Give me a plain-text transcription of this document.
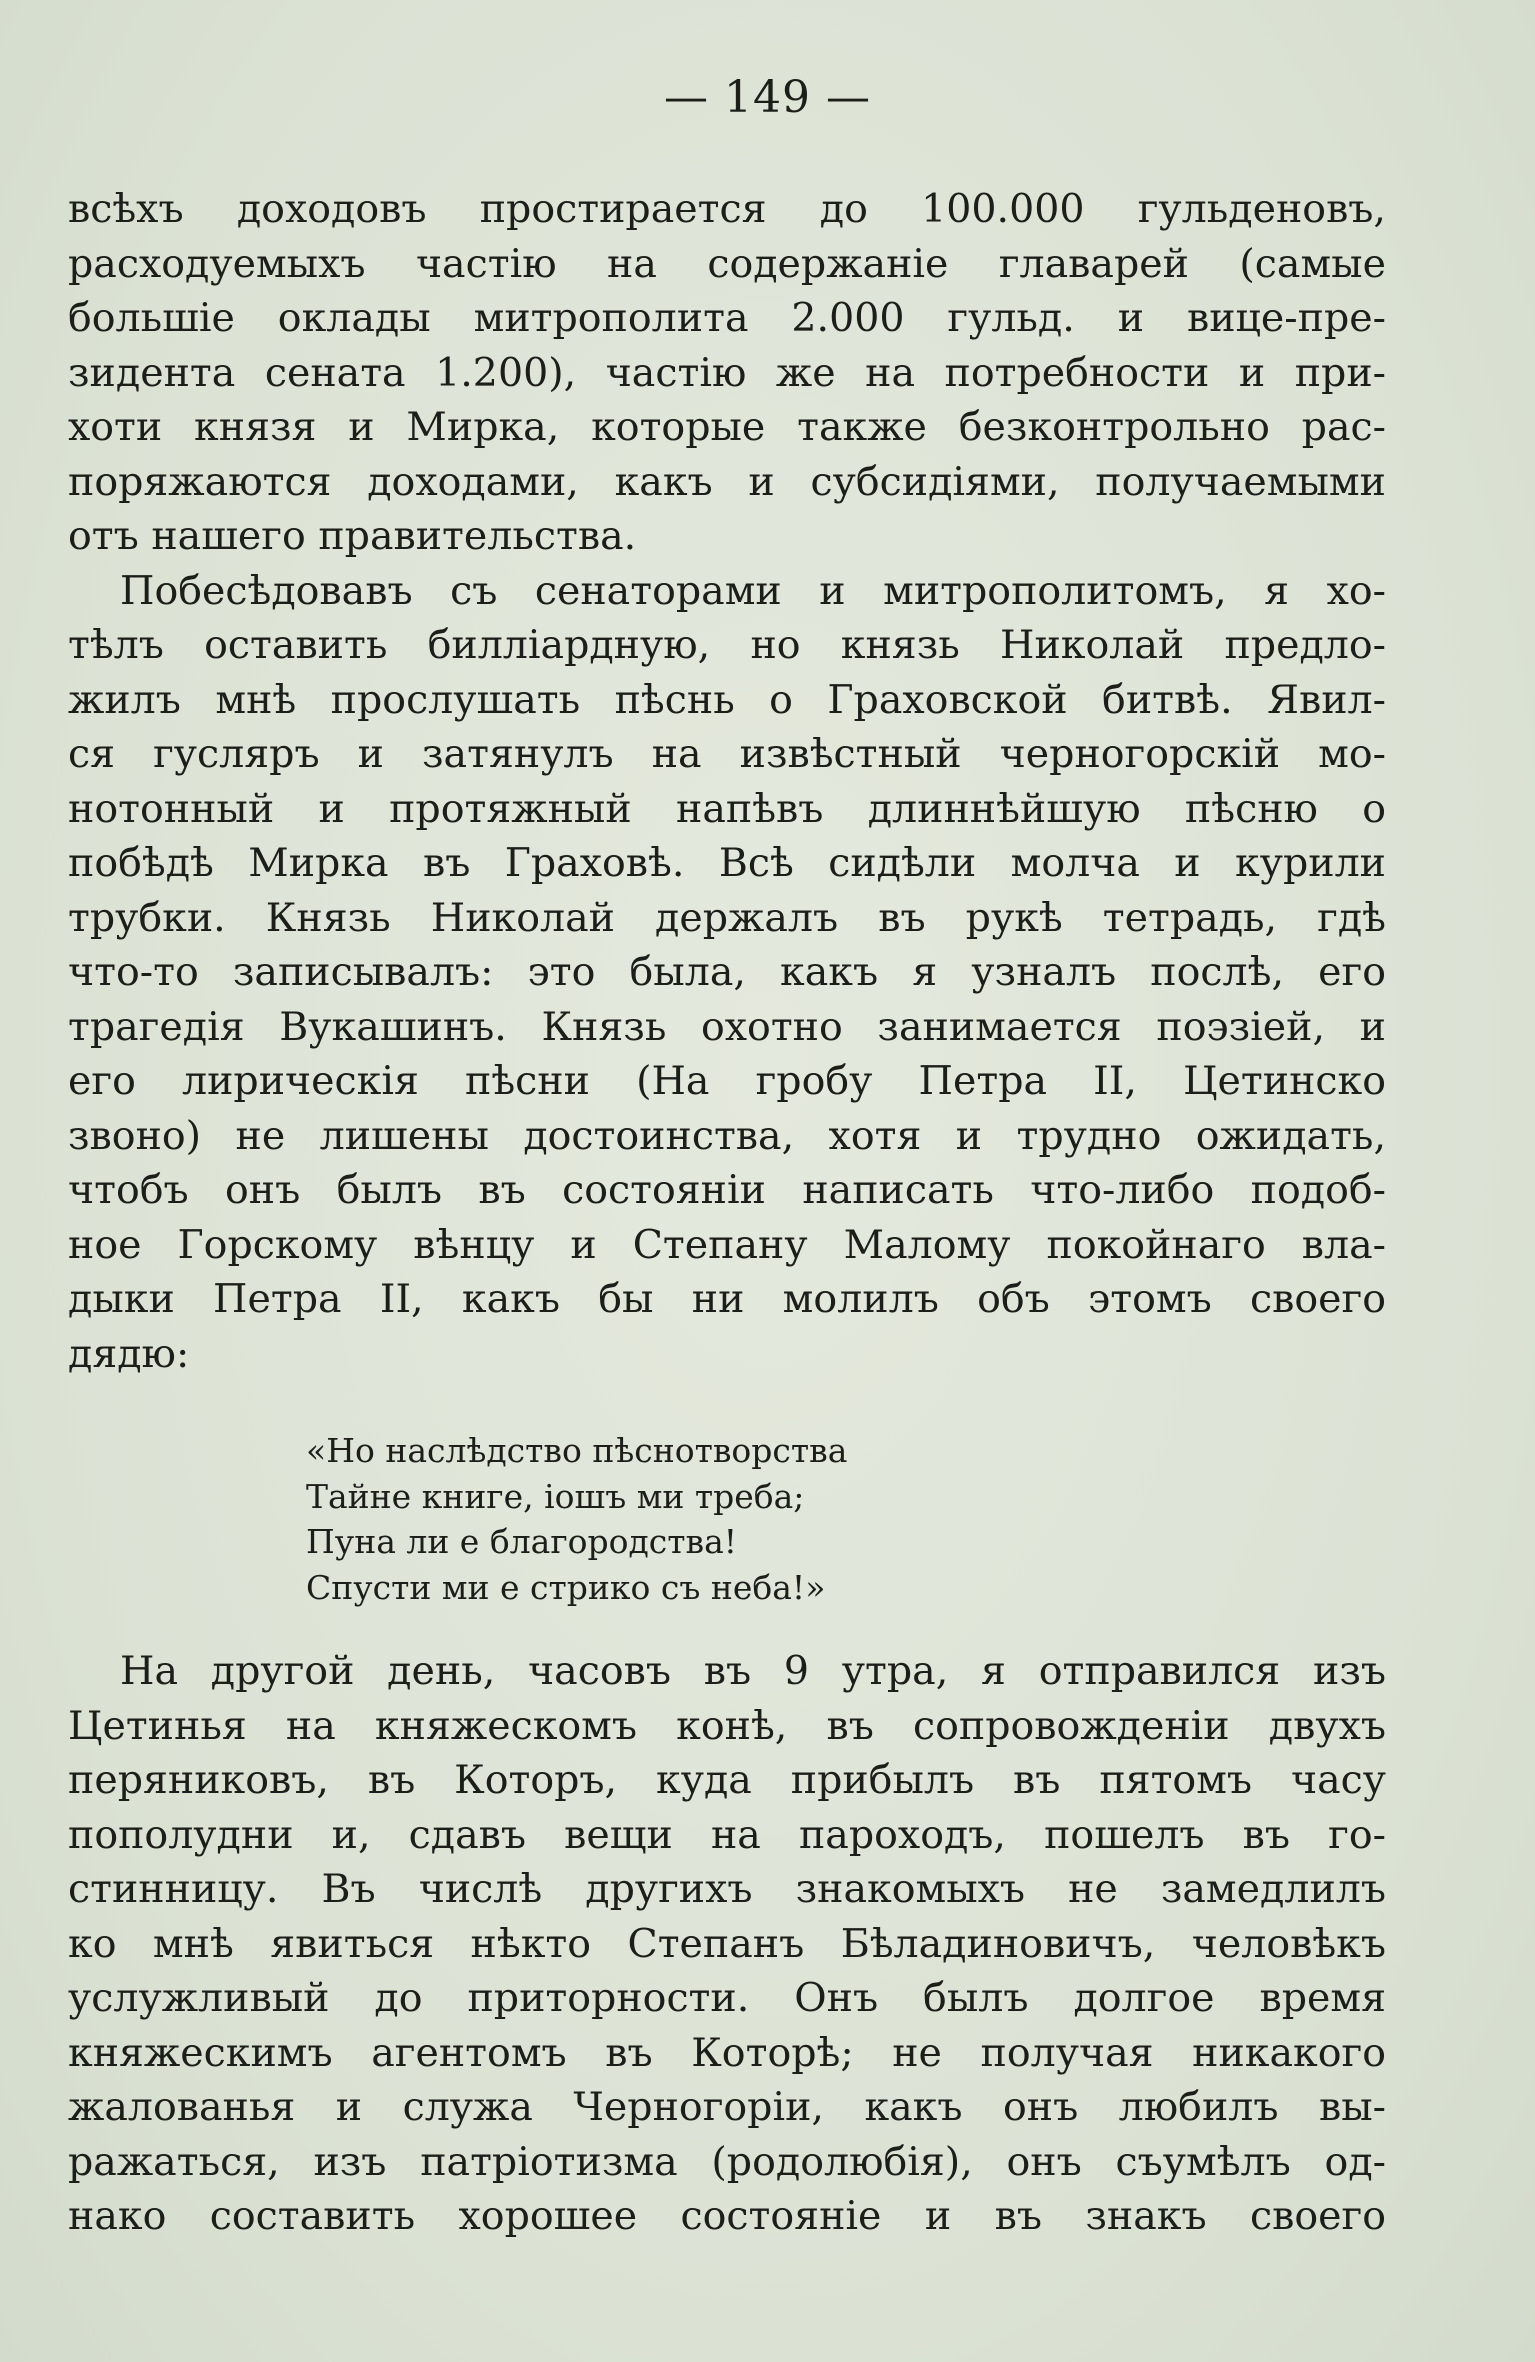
— 149 —
всѣхъ доходовъ простирается до 100.000 гульденовъ,
расходуемыхъ частію на содержаніе главарей (самые
большіе оклады митрополита 2.000 гульд. и вице-пре-
зидента сената 1.200), частію же на потребности и при-
хоти князя и Мирка, которые также безконтрольно рас-
поряжаются доходами, какъ и субсидіями, получаемыми
отъ нашего правительства.
Побесѣдовавъ съ сенаторами и митрополитомъ, я хо-
тѣлъ оставить билліардную, но князь Николай предло-
жилъ мнѣ прослушать пѣснь о Граховской битвѣ. Явил-
ся гусляръ и затянулъ на извѣстный черногорскій мо-
нотонный и протяжный напѣвъ длиннѣйшую пѣсню о
побѣдѣ Мирка въ Граховѣ. Всѣ сидѣли молча и курили
трубки. Князь Николай держалъ въ рукѣ тетрадь, гдѣ
что-то записывалъ: это была, какъ я узналъ послѣ, его
трагедія Вукашинъ. Князь охотно занимается поэзіей, и
его лирическія пѣсни (На гробу Петра II, Цетинско
звоно) не лишены достоинства, хотя и трудно ожидать,
чтобъ онъ былъ въ состояніи написать что-либо подоб-
ное Горскому вѣнцу и Степану Малому покойнаго вла-
дыки Петра II, какъ бы ни молилъ объ этомъ своего
дядю:
«Но наслѣдство пѣснотворства
Тайне книге, іошъ ми треба;
Пуна ли е благородства!
Спусти ми е стрико съ неба!»
На другой день, часовъ въ 9 утра, я отправился изъ
Цетинья на княжескомъ конѣ, въ сопровожденіи двухъ
перяниковъ, въ Которъ, куда прибылъ въ пятомъ часу
пополудни и, сдавъ вещи на пароходъ, пошелъ въ го-
стинницу. Въ числѣ другихъ знакомыхъ не замедлилъ
ко мнѣ явиться нѣкто Степанъ Бѣладиновичъ, человѣкъ
услужливый до приторности. Онъ былъ долгое время
княжескимъ агентомъ въ Которѣ; не получая никакого
жалованья и служа Черногоріи, какъ онъ любилъ вы-
ражаться, изъ патріотизма (родолюбія), онъ съумѣлъ од-
нако составить хорошее состояніе и въ знакъ своего
